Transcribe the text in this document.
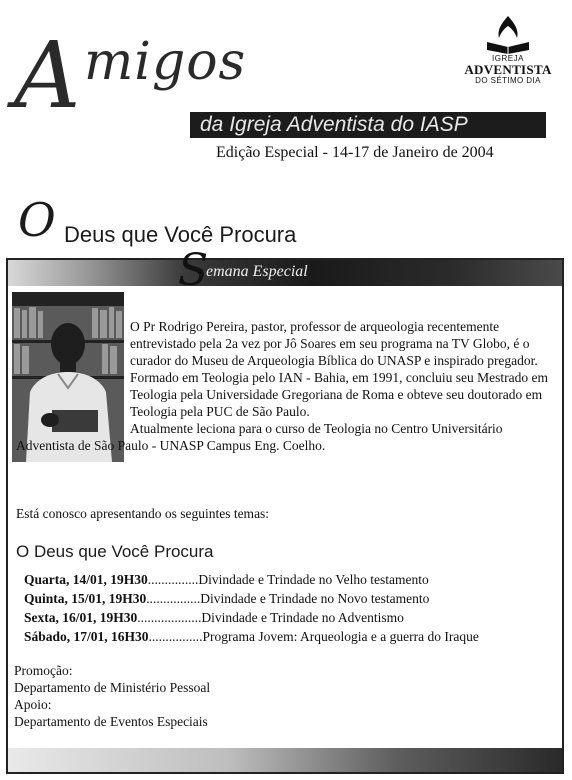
A migos
da Igreja Adventista do IASP
Edição Especial - 14-17 de Janeiro de 2004
IGREJA
ADVENTISTA
DO SÉTIMO DIA
O Deus que Você Procura
S
emana Especial

O Pr Rodrigo Pereira, pastor, professor de arqueologia recentemente entrevistado pela 2a vez por Jô Soares em seu programa na TV Globo, é o curador do Museu de Arqueologia Bíblica do UNASP e inspirado pregador.

Formado em Teologia pelo IAN - Bahia, em 1991, concluiu seu Mestrado em Teologia pela Universidade Gregoriana de Roma e obteve seu doutorado em Teologia pela PUC de São Paulo.

Atualmente leciona para o curso de Teologia no Centro Universitário

Adventista de São Paulo - UNASP Campus Eng. Coelho.

Está conosco apresentando os seguintes temas:
O Deus que Você Procura
Quarta, 14/01, 19H30...............Divindade e Trindade no Velho testamento
Quinta, 15/01, 19H30................Divindade e Trindade no Novo testamento
Sexta, 16/01, 19H30...................Divindade e Trindade no Adventismo
Sábado, 17/01, 16H30................Programa Jovem: Arqueologia e a guerra do Iraque
Promoção:
Departamento de Ministério Pessoal
Apoio:
Departamento de Eventos Especiais
